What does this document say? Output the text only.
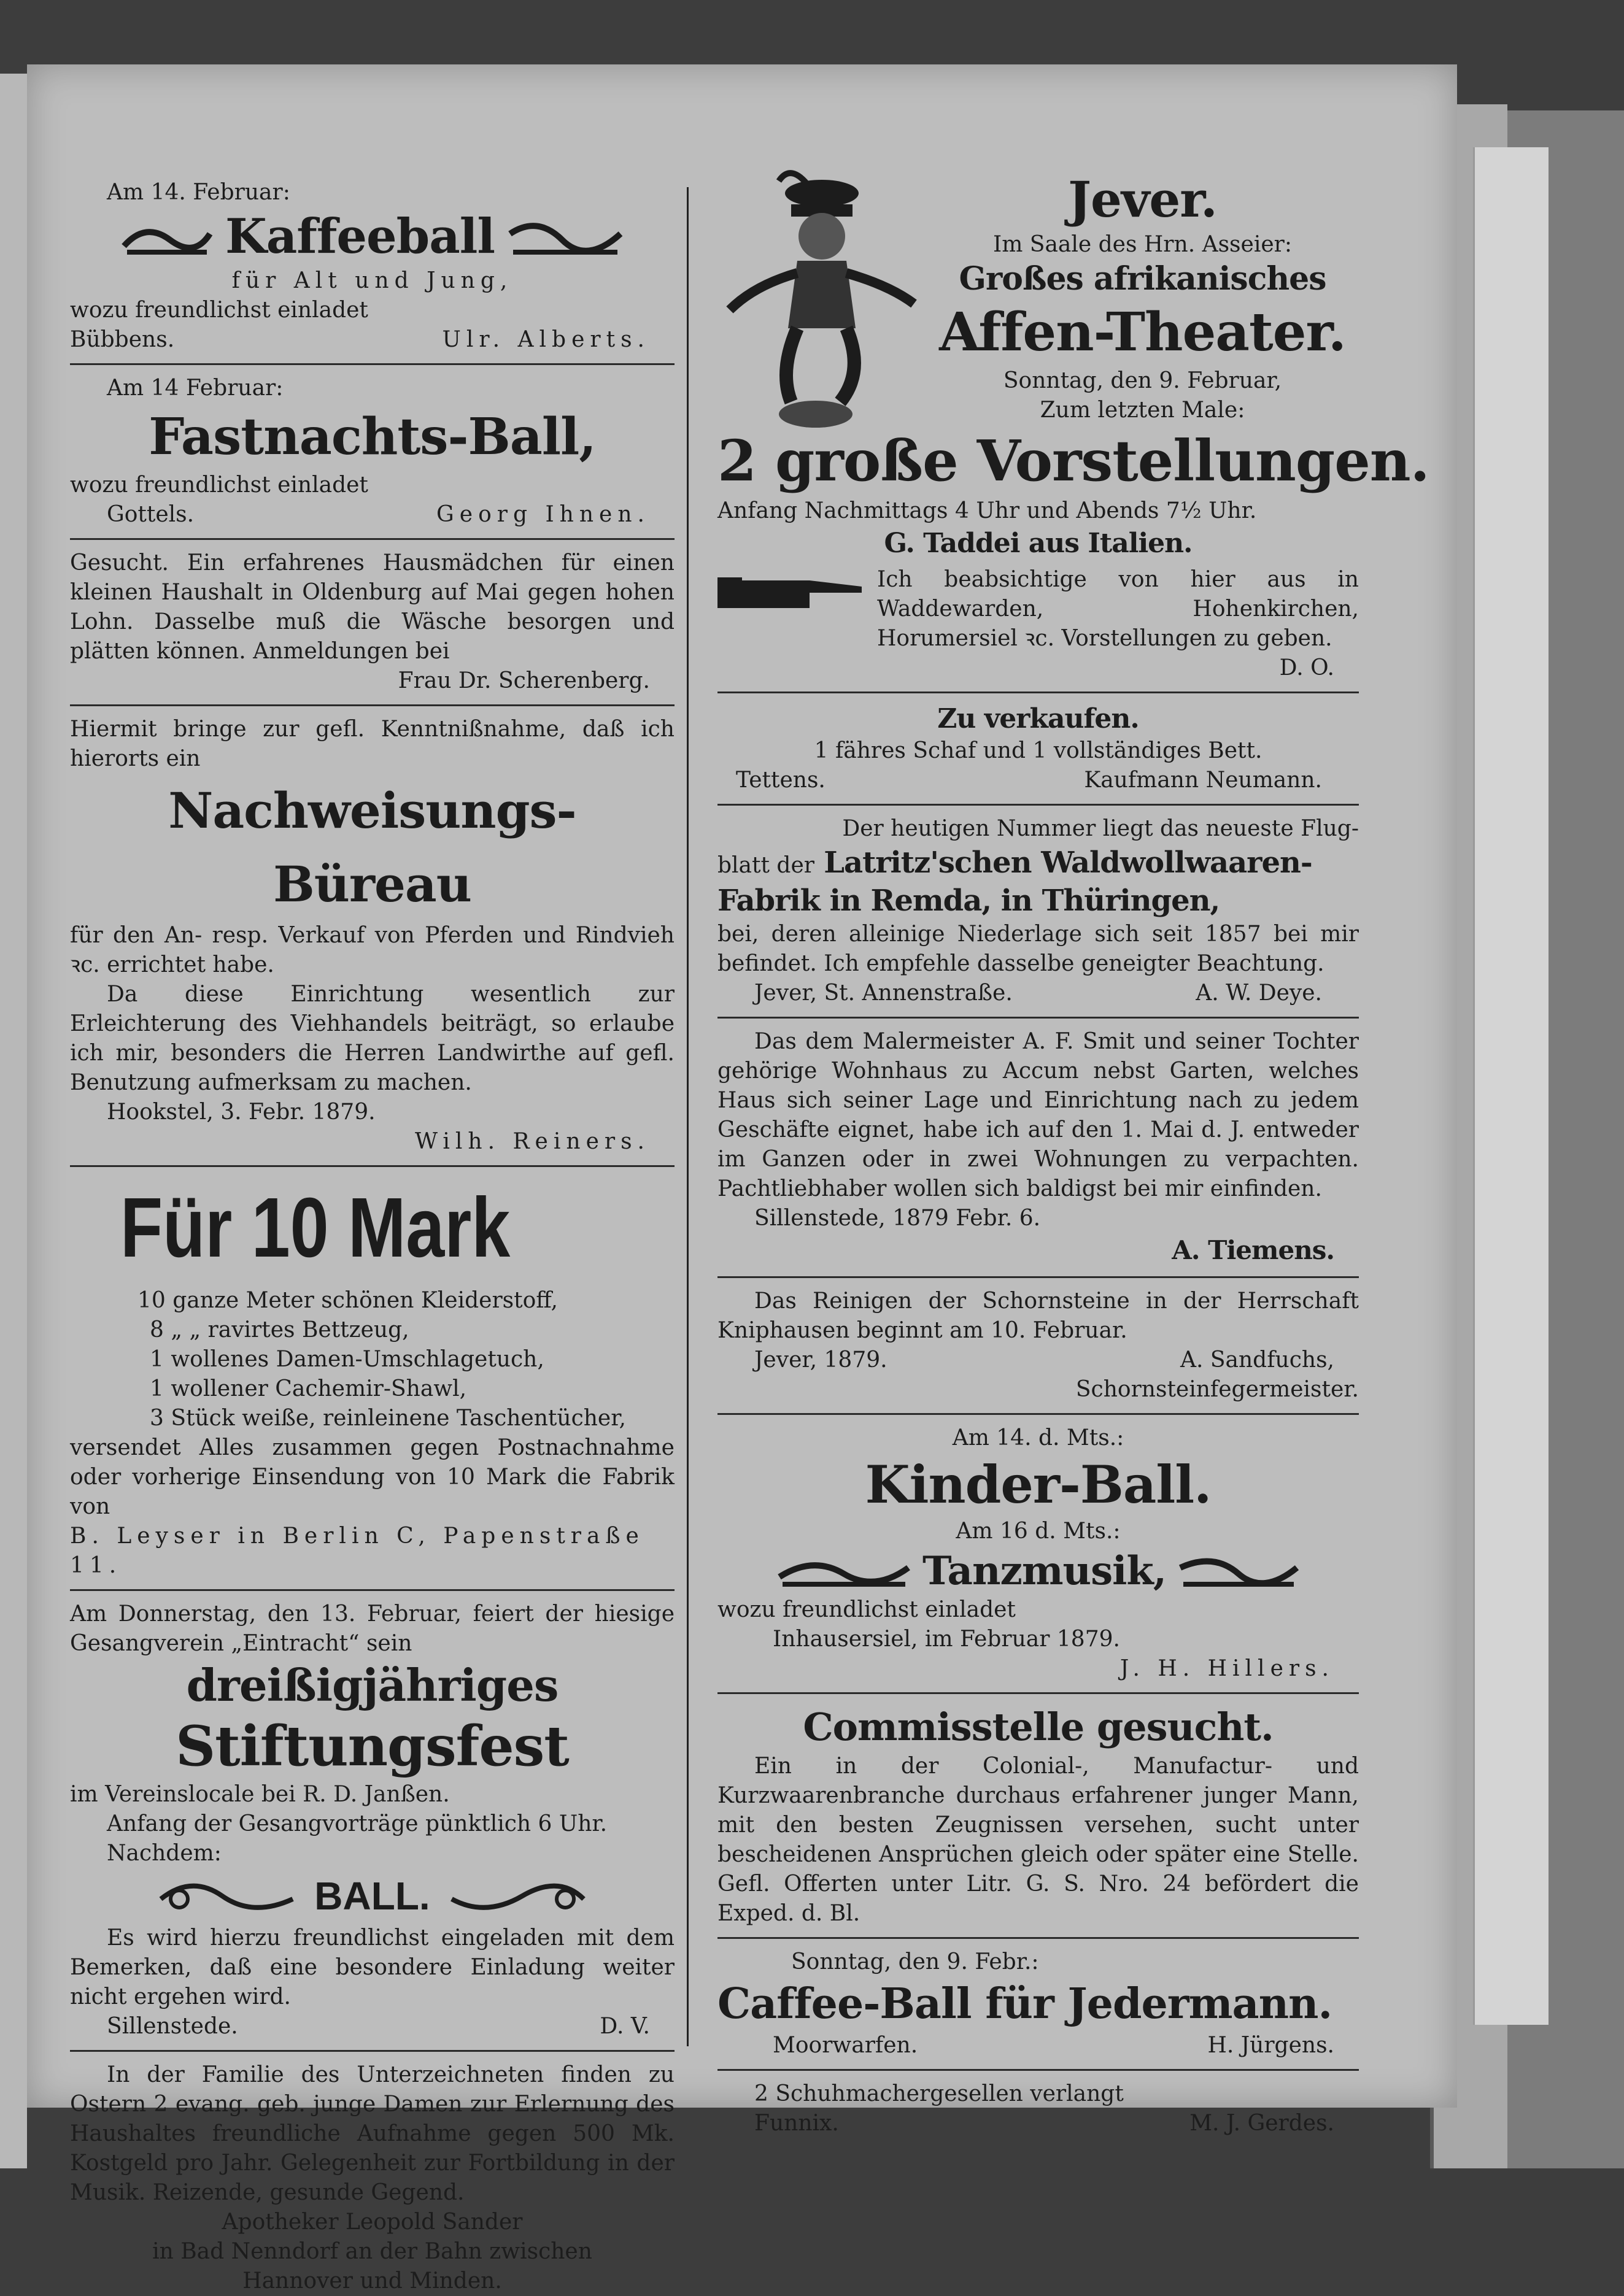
Am 14. Februar:
Kaffeeball
für Alt und Jung,
wozu freundlichst einladet
Bübbens.	Ulr. Alberts.
Am 14 Februar:
Fastnachts-Ball,
wozu freundlichst einladet
Gottels.	Georg Ihnen.
Gesucht. Ein erfahrenes Hausmädchen für einen kleinen Haushalt in Oldenburg auf Mai gegen hohen Lohn. Dasselbe muß die Wäsche besorgen und plätten können. Anmeldungen bei
Frau Dr. Scherenberg.
Hiermit bringe zur gefl. Kenntnißnahme, daß ich hierorts ein
Nachweisungs-Büreau
für den An- resp. Verkauf von Pferden und Rindvieh ꝛc. errichtet habe.
Da diese Einrichtung wesentlich zur Erleichterung des Viehhandels beiträgt, so erlaube ich mir, besonders die Herren Landwirthe auf gefl. Benutzung aufmerksam zu machen.
Hookstel, 3. Febr. 1879.
Wilh. Reiners.
Für 10 Mark
10 ganze Meter schönen Kleiderstoff,
8 „ „ ravirtes Bettzeug,
1 wollenes Damen-Umschlagetuch,
1 wollener Cachemir-Shawl,
3 Stück weiße, reinleinene Taschentücher,
versendet Alles zusammen gegen Postnachnahme oder vorherige Einsendung von 10 Mark die Fabrik von
B. Leyser in Berlin C, Papenstraße 11.
Am Donnerstag, den 13. Februar, feiert der hiesige Gesangverein „Eintracht“ sein
dreißigjähriges
Stiftungsfest
im Vereinslocale bei R. D. Janßen.
Anfang der Gesangvorträge pünktlich 6 Uhr.
Nachdem:
BALL.
Es wird hierzu freundlichst eingeladen mit dem Bemerken, daß eine besondere Einladung weiter nicht ergehen wird.
Sillenstede.	D. V.
In der Familie des Unterzeichneten finden zu Ostern 2 evang. geb. junge Damen zur Erlernung des Haushaltes freundliche Aufnahme gegen 500 Mk. Kostgeld pro Jahr. Gelegenheit zur Fortbildung in der Musik. Reizende, gesunde Gegend.
Apotheker Leopold Sander
in Bad Nenndorf an der Bahn zwischen
Hannover und Minden.
Jever.
Im Saale des Hrn. Asseier:
Großes afrikanisches
Affen-Theater.
Sonntag, den 9. Februar,
Zum letzten Male:
2 große Vorstellungen.
Anfang Nachmittags 4 Uhr und Abends 7½ Uhr.
G. Taddei aus Italien.
Ich beabsichtige von hier aus in Waddewarden, Hohenkirchen, Horumersiel ꝛc. Vorstellungen zu geben.
D. O.
Zu verkaufen.
1 fähres Schaf und 1 vollständiges Bett.
Tettens.	Kaufmann Neumann.
Der heutigen Nummer liegt das neueste Flug-
blatt der Latritz'schen Waldwollwaaren-
Fabrik in Remda, in Thüringen,
bei, deren alleinige Niederlage sich seit 1857 bei mir befindet. Ich empfehle dasselbe geneigter Beachtung.
Jever, St. Annenstraße.	A. W. Deye.
Das dem Malermeister A. F. Smit und seiner Tochter gehörige Wohnhaus zu Accum nebst Garten, welches Haus sich seiner Lage und Einrichtung nach zu jedem Geschäfte eignet, habe ich auf den 1. Mai d. J. entweder im Ganzen oder in zwei Wohnungen zu verpachten. Pachtliebhaber wollen sich baldigst bei mir einfinden.
Sillenstede, 1879 Febr. 6.
A. Tiemens.
Das Reinigen der Schornsteine in der Herrschaft Kniphausen beginnt am 10. Februar.
Jever, 1879.	A. Sandfuchs,
Schornsteinfegermeister.
Am 14. d. Mts.:
Kinder-Ball.
Am 16 d. Mts.:
Tanzmusik,
wozu freundlichst einladet
Inhausersiel, im Februar 1879.
J. H. Hillers.
Commisstelle gesucht.
Ein in der Colonial-, Manufactur- und Kurzwaarenbranche durchaus erfahrener junger Mann, mit den besten Zeugnissen versehen, sucht unter bescheidenen Ansprüchen gleich oder später eine Stelle. Gefl. Offerten unter Litr. G. S. Nro. 24 befördert die Exped. d. Bl.
Sonntag, den 9. Febr.:
Caffee-Ball für Jedermann.
Moorwarfen.	H. Jürgens.
2 Schuhmachergesellen verlangt
Funnix.	M. J. Gerdes.
